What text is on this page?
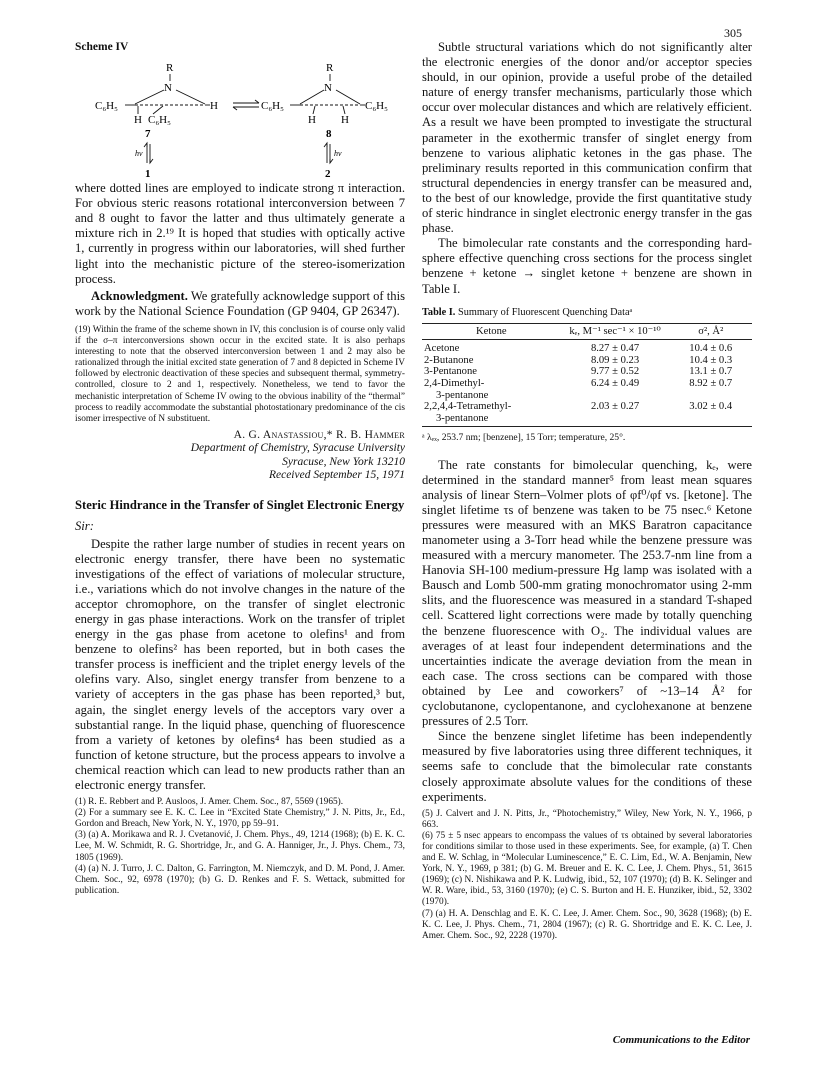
305
Scheme IV
R
N
C₆H₅	H
H C₆H₅
7
R
N
C₆H₅	C₆H₅
H H
8
hν
1
hν
2

where dotted lines are employed to indicate strong π interaction. For obvious steric reasons rotational interconversion between 7 and 8 ought to favor the latter and thus ultimately generate a mixture rich in 2.¹⁹ It is hoped that studies with optically active 1, currently in progress within our laboratories, will shed further light into the mechanistic picture of the stereo-isomerization process.

Acknowledgment. We gratefully acknowledge support of this work by the National Science Foundation (GP 9404, GP 26347).

(19) Within the frame of the scheme shown in IV, this conclusion is of course only valid if the σ–π interconversions shown occur in the excited state. It is also perhaps interesting to note that the observed interconversion between 1 and 2 may also be rationalized through the initial excited state generation of 7 and 8 depicted in Scheme IV followed by electronic deactivation of these species and subsequent thermal, symmetry-controlled, closure to 2 and 1, respectively. Nonetheless, we tend to favor the mechanistic interpretation of Scheme IV owing to the obvious inability of the “thermal” process to readily accommodate the substantial photostationary predominance of the cis isomer irrespective of N substituent.
A. G. Anastassiou,* R. B. Hammer
Department of Chemistry, Syracuse University
Syracuse, New York 13210
Received September 15, 1971
Steric Hindrance in the Transfer of Singlet Electronic Energy
Sir:

Despite the rather large number of studies in recent years on electronic energy transfer, there have been no systematic investigations of the effect of variations of molecular structure, i.e., variations which do not involve changes in the nature of the acceptor chromophore, on the transfer of singlet electronic energy in gas phase interactions. Work on the transfer of triplet energy in the gas phase from acetone to olefins¹ and from benzene to olefins² has been reported, but in both cases the transfer process is inefficient and the triplet energy levels of the olefins vary. Also, singlet energy transfer from benzene to a variety of accepters in the gas phase has been reported,³ but, again, the singlet energy levels of the acceptors vary over a substantial range. In the liquid phase, quenching of fluorescence from a variety of ketones by olefins⁴ has been studied as a function of ketone structure, but the process appears to involve a chemical reaction which can lead to new products rather than an electronic energy transfer.

(1) R. E. Rebbert and P. Ausloos, J. Amer. Chem. Soc., 87, 5569 (1965).
(2) For a summary see E. K. C. Lee in “Excited State Chemistry,” J. N. Pitts, Jr., Ed., Gordon and Breach, New York, N. Y., 1970, pp 59–91.
(3) (a) A. Morikawa and R. J. Cvetanović, J. Chem. Phys., 49, 1214 (1968); (b) E. K. C. Lee, M. W. Schmidt, R. G. Shortridge, Jr., and G. A. Hanniger, Jr., J. Phys. Chem., 73, 1805 (1969).
(4) (a) N. J. Turro, J. C. Dalton, G. Farrington, M. Niemczyk, and D. M. Pond, J. Amer. Chem. Soc., 92, 6978 (1970); (b) G. D. Renkes and F. S. Wettack, submitted for publication.

Subtle structural variations which do not significantly alter the electronic energies of the donor and/or acceptor species should, in our opinion, provide a useful probe of the detailed nature of energy transfer mechanisms, particularly those which occur over molecular distances and which are relatively efficient. As a result we have been prompted to investigate the structural parameter in the exothermic transfer of singlet energy from benzene to various aliphatic ketones in the gas phase. The preliminary results reported in this communication confirm that structural dependencies in energy transfer can be measured and, to the best of our knowledge, provide the first quantitative study of steric hindrance in singlet electronic energy transfer in the gas phase.

The bimolecular rate constants and the corresponding hard-sphere effective quenching cross sections for the process singlet benzene + ketone → singlet ketone + benzene are shown in Table I.

Table I. Summary of Fluorescent Quenching Dataᵃ
Ketone	kₑ, M⁻¹ sec⁻¹ × 10⁻¹⁰	σ², Å²
Acetone	8.27 ± 0.47	10.4 ± 0.6
2-Butanone	8.09 ± 0.23	10.4 ± 0.3
3-Pentanone	9.77 ± 0.52	13.1 ± 0.7
2,4-Dimethyl-	6.24 ± 0.49	8.92 ± 0.7
3-pentanone		
2,2,4,4-Tetramethyl-	2.03 ± 0.27	3.02 ± 0.4
3-pentanone		
ᵃ λₑₓ, 253.7 nm; [benzene], 15 Torr; temperature, 25°.

The rate constants for bimolecular quenching, kₑ, were determined in the standard manner⁵ from least mean squares analysis of linear Stern–Volmer plots of φf⁰/φf vs. [ketone]. The singlet lifetime τs of benzene was taken to be 75 nsec.⁶ Ketone pressures were measured with an MKS Baratron capacitance manometer using a 3-Torr head while the benzene pressure was measured with a mercury manometer. The 253.7-nm line from a Hanovia SH-100 medium-pressure Hg lamp was isolated with a Bausch and Lomb 500-mm grating monochromator using 2-mm slits, and the fluorescence was measured in a standard T-shaped cell. Scattered light corrections were made by totally quenching the benzene fluorescence with O₂. The individual values are averages of at least four independent determinations and the uncertainties indicate the average deviation from the mean in each case. The cross sections can be compared with those obtained by Lee and coworkers⁷ of ~13–14 Å² for cyclobutanone, cyclopentanone, and cyclohexanone at benzene pressures of 2.5 Torr.

Since the benzene singlet lifetime has been independently measured by five laboratories using three different techniques, it seems safe to conclude that the bimolecular rate constants closely approximate absolute values for the conditions of these experiments.

(5) J. Calvert and J. N. Pitts, Jr., “Photochemistry,” Wiley, New York, N. Y., 1966, p 663.
(6) 75 ± 5 nsec appears to encompass the values of τs obtained by several laboratories for conditions similar to those used in these experiments. See, for example, (a) T. Chen and E. W. Schlag, in “Molecular Luminescence,” E. C. Lim, Ed., W. A. Benjamin, New York, N. Y., 1969, p 381; (b) G. M. Breuer and E. K. C. Lee, J. Chem. Phys., 51, 3615 (1969); (c) N. Nishikawa and P. K. Ludwig, ibid., 52, 107 (1970); (d) B. K. Selinger and W. R. Ware, ibid., 53, 3160 (1970); (e) C. S. Burton and H. E. Hunziker, ibid., 52, 3302 (1970).
(7) (a) H. A. Denschlag and E. K. C. Lee, J. Amer. Chem. Soc., 90, 3628 (1968); (b) E. K. C. Lee, J. Phys. Chem., 71, 2804 (1967); (c) R. G. Shortridge and E. K. C. Lee, J. Amer. Chem. Soc., 92, 2228 (1970).
Communications to the Editor
